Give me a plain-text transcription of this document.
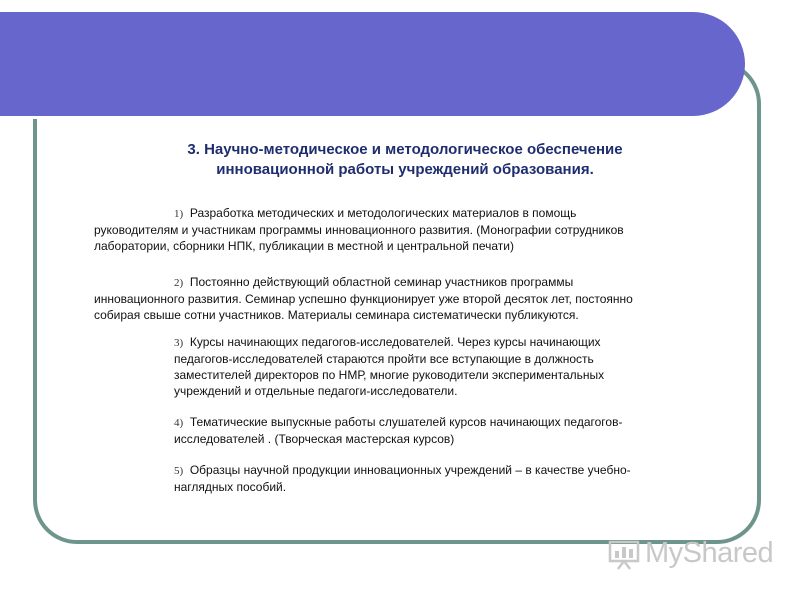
3. Научно-методическое и методологическое обеспечение
инновационной работы учреждений образования.

1) Разработка методических и методологических материалов в помощь
руководителям и участникам программы инновационного развития. (Монографии сотрудников
лаборатории, сборники НПК, публикации в местной и центральной печати)

2) Постоянно действующий областной семинар участников программы
инновационного развития. Семинар успешно функционирует уже второй десяток лет, постоянно
собирая свыше сотни участников. Материалы семинара систематически публикуются.

3) Курсы начинающих педагогов-исследователей. Через курсы начинающих
педагогов-исследователей стараются пройти все вступающие в должность
заместителей директоров по НМР, многие руководители экспериментальных
учреждений и отдельные педагоги-исследователи.

4) Тематические выпускные работы слушателей курсов начинающих педагогов-
исследователей . (Творческая мастерская курсов)

5) Образцы научной продукции инновационных учреждений – в качестве учебно-
наглядных пособий.

MyShared
